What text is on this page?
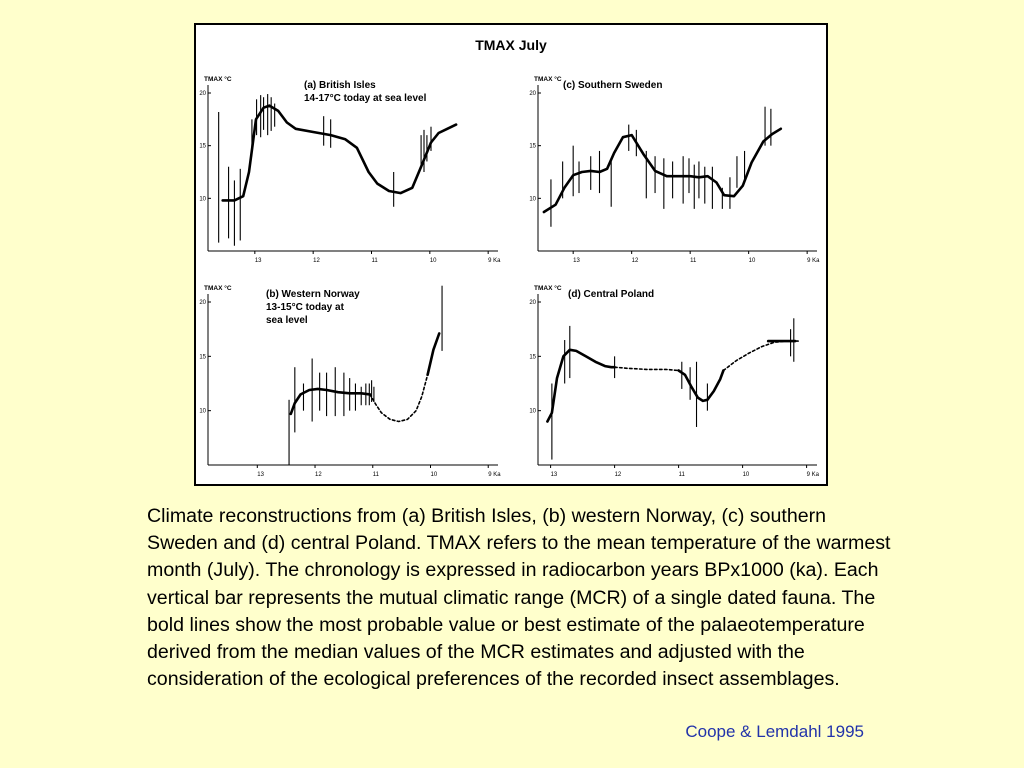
TMAX July
TMAX °C
20
15
10
13	12	11	10	9 Ka
(a) British Isles
14-17°C today at sea level
TMAX °C
20
15
10
13	12	11	10	9 Ka
(c) Southern Sweden
TMAX °C
20
15
10
13	12	11	10	9 Ka
(b) Western Norway
13-15°C today at
sea level
TMAX °C
20
15
10
13	12	11	10	9 Ka
(d) Central Poland

Climate reconstructions from (a) British Isles, (b) western Norway, (c) southern Sweden and (d) central Poland. TMAX refers to the mean temperature of the warmest month (July). The chronology is expressed in radiocarbon years BPx1000 (ka). Each vertical bar represents the mutual climatic range (MCR) of a single dated fauna. The bold lines show the most probable value or best estimate of the palaeotemperature derived from the median values of the MCR estimates and adjusted with the consideration of the ecological preferences of the recorded insect assemblages.

Coope & Lemdahl 1995
